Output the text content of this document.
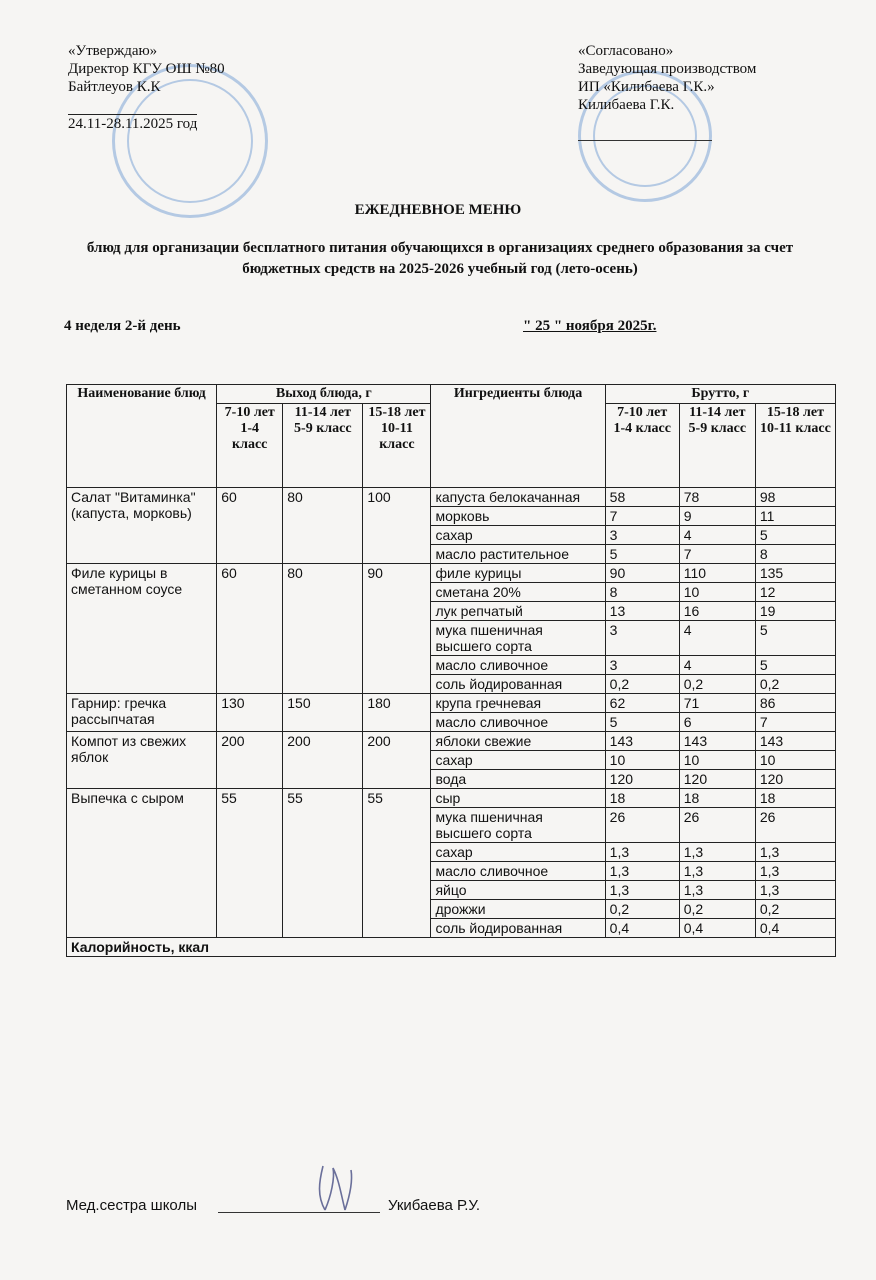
«Утверждаю»
Директор КГУ ОШ №80
Байтлеуов К.К
24.11-28.11.2025 год
«Согласовано»
Заведующая производством
ИП «Килибаева Г.К.»
Килибаева Г.К.
ЕЖЕДНЕВНОЕ МЕНЮ
блюд для организации бесплатного питания обучающихся в организациях среднего образования за счет бюджетных средств на 2025-2026 учебный год (лето-осень)
4 неделя 2-й день	" 25 " ноября 2025г.
Наименование блюд	Выход блюда, г			Ингредиенты блюда	Брутто, г		
	7-10 лет 1-4 класс	11-14 лет 5-9 класс	15-18 лет 10-11 класс		7-10 лет 1-4 класс	11-14 лет 5-9 класс	15-18 лет 10-11 класс
Салат "Витаминка" (капуста, морковь)	60	80	100	капуста белокачанная	58	78	98
				морковь	7	9	11
				сахар	3	4	5
				масло растительное	5	7	8
Филе курицы в сметанном соусе	60	80	90	филе курицы	90	110	135
				сметана 20%	8	10	12
				лук репчатый	13	16	19
				мука пшеничная высшего сорта	3	4	5
				масло сливочное	3	4	5
				соль йодированная	0,2	0,2	0,2
Гарнир: гречка рассыпчатая	130	150	180	крупа гречневая	62	71	86
				масло сливочное	5	6	7
Компот из свежих яблок	200	200	200	яблоки свежие	143	143	143
				сахар	10	10	10
				вода	120	120	120
Выпечка с сыром	55	55	55	сыр	18	18	18
				мука пшеничная высшего сорта	26	26	26
				сахар	1,3	1,3	1,3
				масло сливочное	1,3	1,3	1,3
				яйцо	1,3	1,3	1,3
				дрожжи	0,2	0,2	0,2
				соль йодированная	0,4	0,4	0,4
Калорийность, ккал							
Мед.сестра школы	Укибаева Р.У.
